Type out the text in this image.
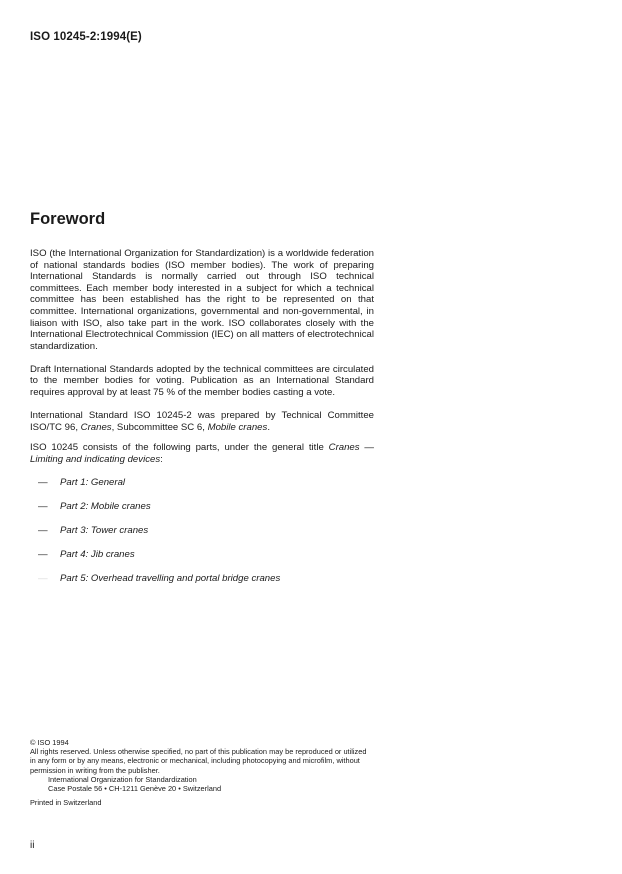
ISO 10245-2:1994(E)
Foreword

ISO (the International Organization for Standardization) is a worldwide federation of national standards bodies (ISO member bodies). The work of preparing International Standards is normally carried out through ISO technical committees. Each member body interested in a subject for which a technical committee has been established has the right to be represented on that committee. International organizations, governmental and non-governmental, in liaison with ISO, also take part in the work. ISO collaborates closely with the International Electrotechnical Commission (IEC) on all matters of electrotechnical standardization.

Draft International Standards adopted by the technical committees are circulated to the member bodies for voting. Publication as an International Standard requires approval by at least 75 % of the member bodies casting a vote.

International Standard ISO 10245-2 was prepared by Technical Committee ISO/TC 96, Cranes, Subcommittee SC 6, Mobile cranes.

ISO 10245 consists of the following parts, under the general title Cranes — Limiting and indicating devices:

— Part 1: General
— Part 2: Mobile cranes
— Part 3: Tower cranes
— Part 4: Jib cranes
— Part 5: Overhead travelling and portal bridge cranes
© ISO 1994
All rights reserved. Unless otherwise specified, no part of this publication may be reproduced or utilized in any form or by any means, electronic or mechanical, including photocopying and microfilm, without permission in writing from the publisher.
International Organization for Standardization
Case Postale 56 • CH-1211 Genève 20 • Switzerland
Printed in Switzerland
ii
